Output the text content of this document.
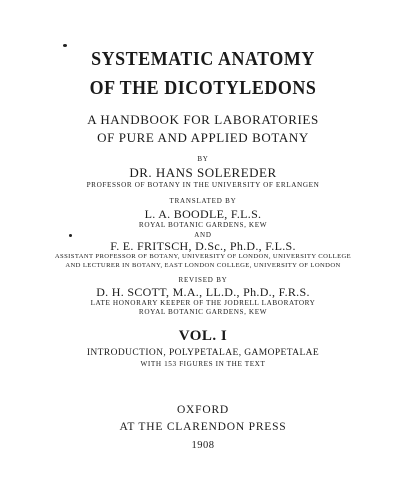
SYSTEMATIC ANATOMY
OF THE DICOTYLEDONS
A HANDBOOK FOR LABORATORIES
OF PURE AND APPLIED BOTANY
BY
DR. HANS SOLEREDER
PROFESSOR OF BOTANY IN THE UNIVERSITY OF ERLANGEN
TRANSLATED BY
L. A. BOODLE, F.L.S.
ROYAL BOTANIC GARDENS, KEW
AND
F. E. FRITSCH, D.Sc., Ph.D., F.L.S.
ASSISTANT PROFESSOR OF BOTANY, UNIVERSITY OF LONDON, UNIVERSITY COLLEGE
AND LECTURER IN BOTANY, EAST LONDON COLLEGE, UNIVERSITY OF LONDON
REVISED BY
D. H. SCOTT, M.A., LL.D., Ph.D., F.R.S.
LATE HONORARY KEEPER OF THE JODRELL LABORATORY
ROYAL BOTANIC GARDENS, KEW
VOL. I
INTRODUCTION, POLYPETALAE, GAMOPETALAE
WITH 153 FIGURES IN THE TEXT
OXFORD
AT THE CLARENDON PRESS
1908
